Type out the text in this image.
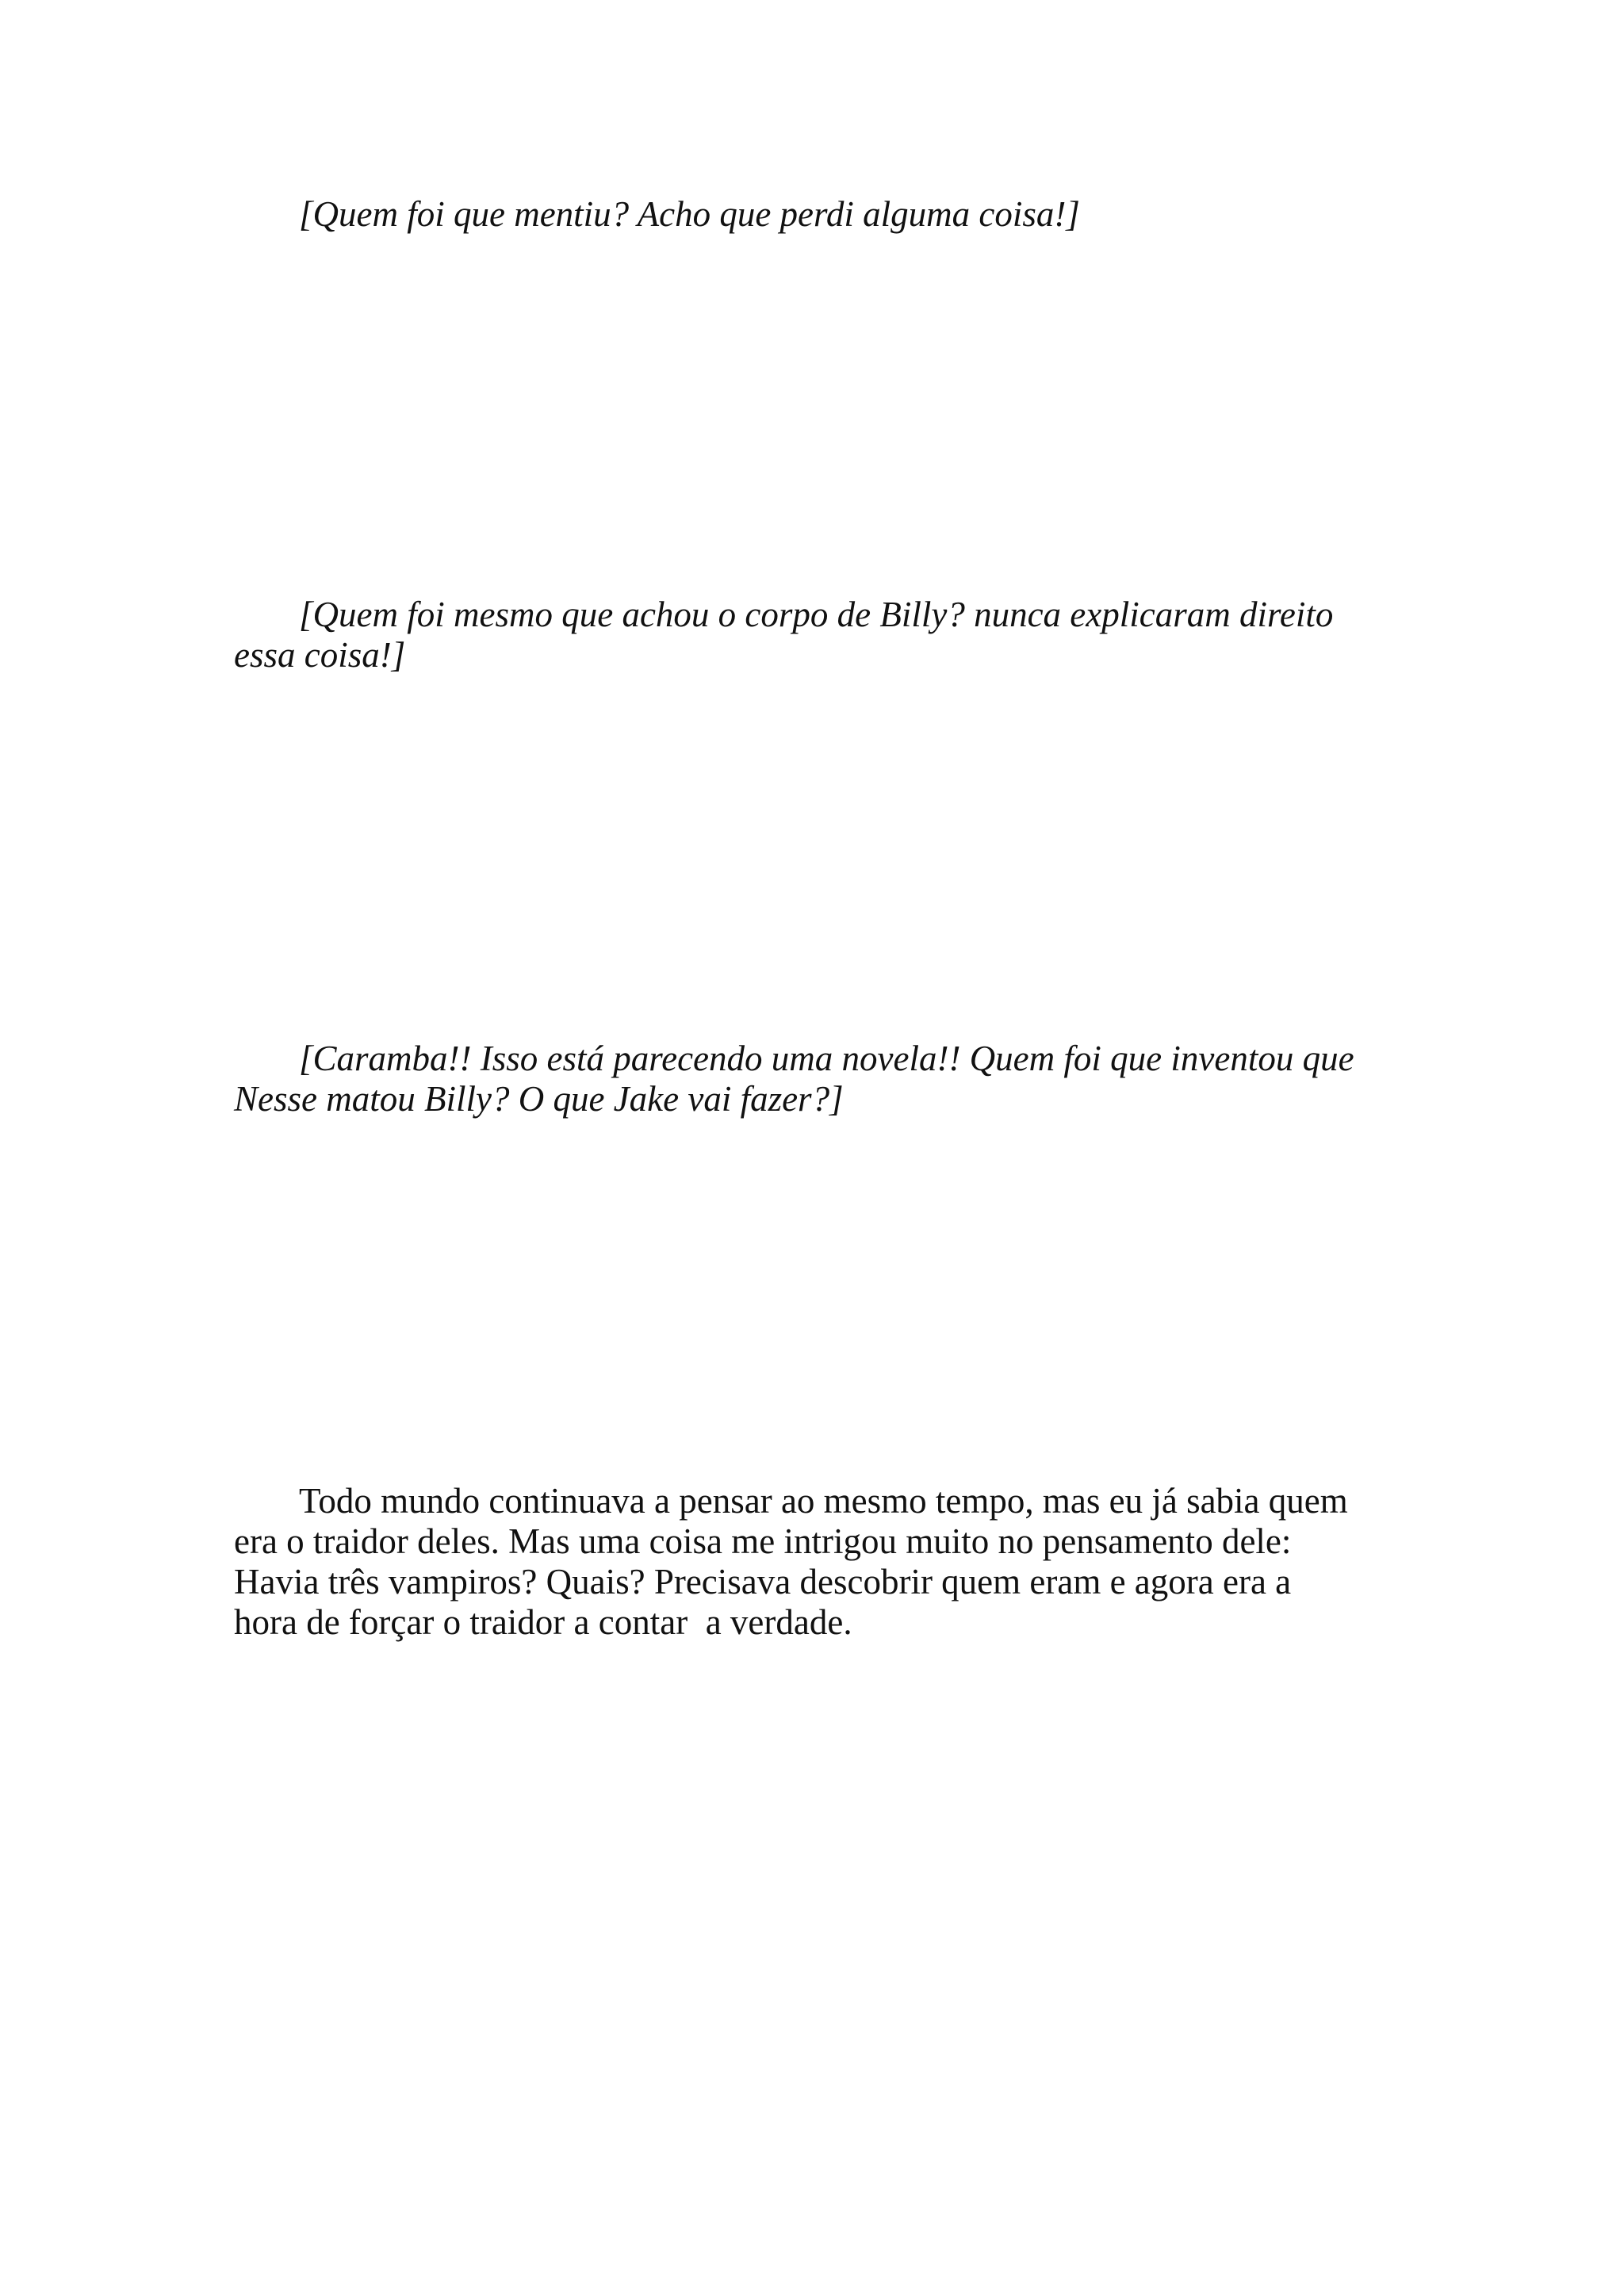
[Quem foi que mentiu? Acho que perdi alguma coisa!]

[Quem foi mesmo que achou o corpo de Billy? nunca explicaram direito
essa coisa!]

[Caramba!! Isso está parecendo uma novela!! Quem foi que inventou que
Nesse matou Billy? O que Jake vai fazer?]

Todo mundo continuava a pensar ao mesmo tempo, mas eu já sabia quem
era o traidor deles. Mas uma coisa me intrigou muito no pensamento dele:
Havia três vampiros? Quais? Precisava descobrir quem eram e agora era a
hora de forçar o traidor a contar  a verdade.
